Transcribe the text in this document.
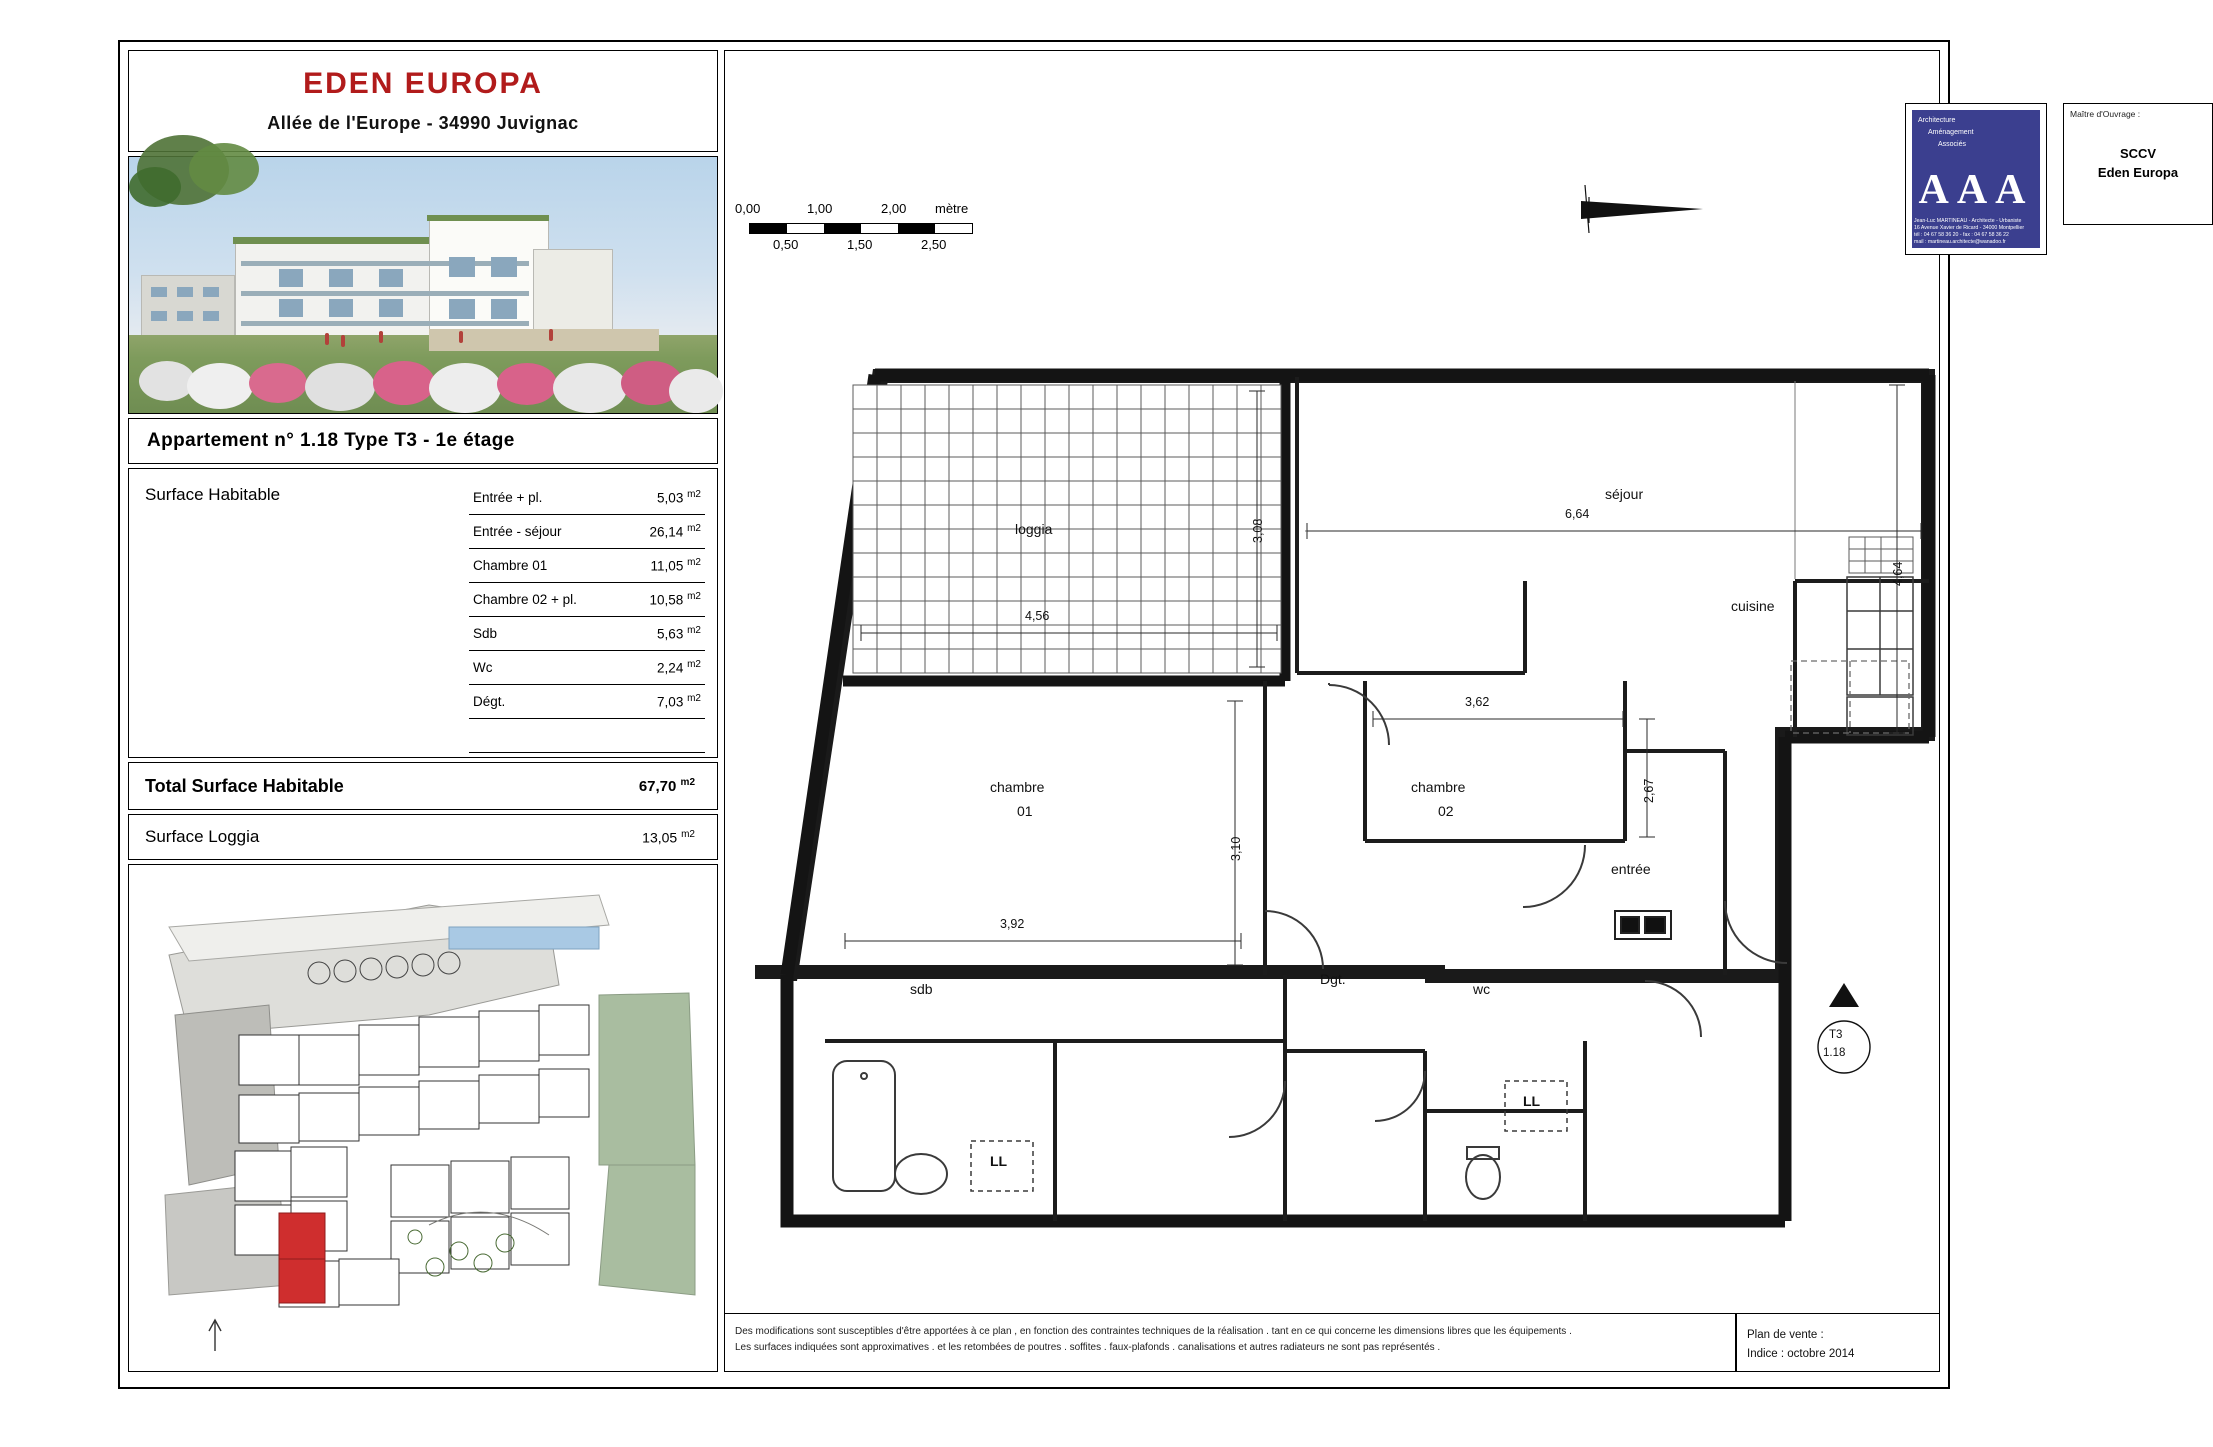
EDEN EUROPA
Allée de l'Europe - 34990 Juvignac
Appartement n° 1.18 Type T3 - 1e étage
Surface Habitable	Entrée + pl.	5,03 $^{m2}$
Entrée - séjour	26,14 $^{m2}$
Chambre 01	11,05 $^{m2}$
Chambre 02 + pl.	10,58 $^{m2}$
Sdb	5,63 $^{m2}$
Wc	2,24 $^{m2}$
Dégt.	7,03 $^{m2}$
Total Surface Habitable	67,70 $^{m2}$
Surface Loggia	13,05 $^{m2}$
0,00	1,00	2,00 mètre
0,50	1,50	2,50
N
Architecture
Aménagement
Associés
AAA
Jean-Luc MARTINEAU - Architecte - Urbaniste
16 Avenue Xavier de Ricard - 34000 Montpellier
tél : 04 67 58 36 20 - fax : 04 67 58 36 22
mail : martineau.architecte@wanadoo.fr
Maître d'Ouvrage :
SCCV
Eden Europa
loggia
séjour
cuisine
chambre
01
chambre
02
entrée
sdb
Dgt.
wc
LL
LL
4,56
3,08
6,64
4,64
3,62
2,67
3,10
3,92
T3
1.18
Des modifications sont susceptibles d'être apportées à ce plan , en fonction des contraintes techniques de la réalisation . tant en ce qui concerne les dimensions libres que les équipements .
Les surfaces indiquées sont approximatives . et les retombées de poutres . soffites . faux-plafonds . canalisations et autres radiateurs ne sont pas représentés .
Plan de vente :
Indice : octobre 2014
